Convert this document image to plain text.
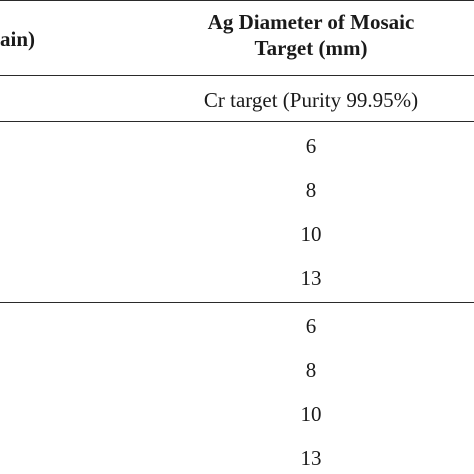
ain)
Ag Diameter of Mosaic
Target (mm)
Cr target (Purity 99.95%)
6
8
10
13
6
8
10
13
